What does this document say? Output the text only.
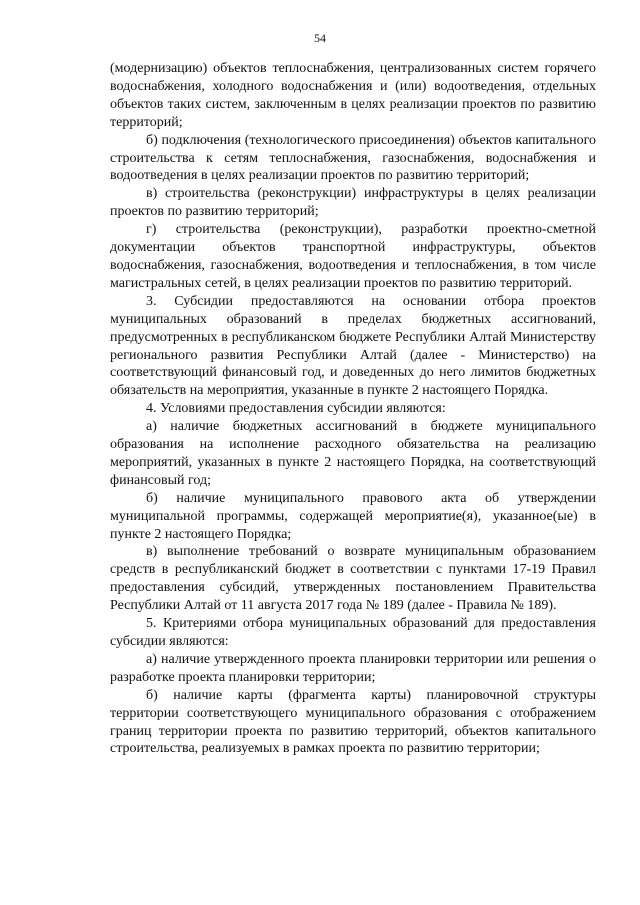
54

(модернизацию) объектов теплоснабжения, централизованных систем горячего водоснабжения, холодного водоснабжения и (или) водоотведения, отдельных объектов таких систем, заключенным в целях реализации проектов по развитию территорий;

б) подключения (технологического присоединения) объектов капитального строительства к сетям теплоснабжения, газоснабжения, водоснабжения и водоотведения в целях реализации проектов по развитию территорий;

в) строительства (реконструкции) инфраструктуры в целях реализации проектов по развитию территорий;

г) строительства (реконструкции), разработки проектно-сметной документации объектов транспортной инфраструктуры, объектов водоснабжения, газоснабжения, водоотведения и теплоснабжения, в том числе магистральных сетей, в целях реализации проектов по развитию территорий.

3. Субсидии предоставляются на основании отбора проектов муниципальных образований в пределах бюджетных ассигнований, предусмотренных в республиканском бюджете Республики Алтай Министерству регионального развития Республики Алтай (далее - Министерство) на соответствующий финансовый год, и доведенных до него лимитов бюджетных обязательств на мероприятия, указанные в пункте 2 настоящего Порядка.

4. Условиями предоставления субсидии являются:

а) наличие бюджетных ассигнований в бюджете муниципального образования на исполнение расходного обязательства на реализацию мероприятий, указанных в пункте 2 настоящего Порядка, на соответствующий финансовый год;

б) наличие муниципального правового акта об утверждении муниципальной программы, содержащей мероприятие(я), указанное(ые) в пункте 2 настоящего Порядка;

в) выполнение требований о возврате муниципальным образованием средств в республиканский бюджет в соответствии с пунктами 17-19 Правил предоставления субсидий, утвержденных постановлением Правительства Республики Алтай от 11 августа 2017 года № 189 (далее - Правила № 189).

5. Критериями отбора муниципальных образований для предоставления субсидии являются:

а) наличие утвержденного проекта планировки территории или решения о разработке проекта планировки территории;

б) наличие карты (фрагмента карты) планировочной структуры территории соответствующего муниципального образования с отображением границ территории проекта по развитию территорий, объектов капитального строительства, реализуемых в рамках проекта по развитию территории;
